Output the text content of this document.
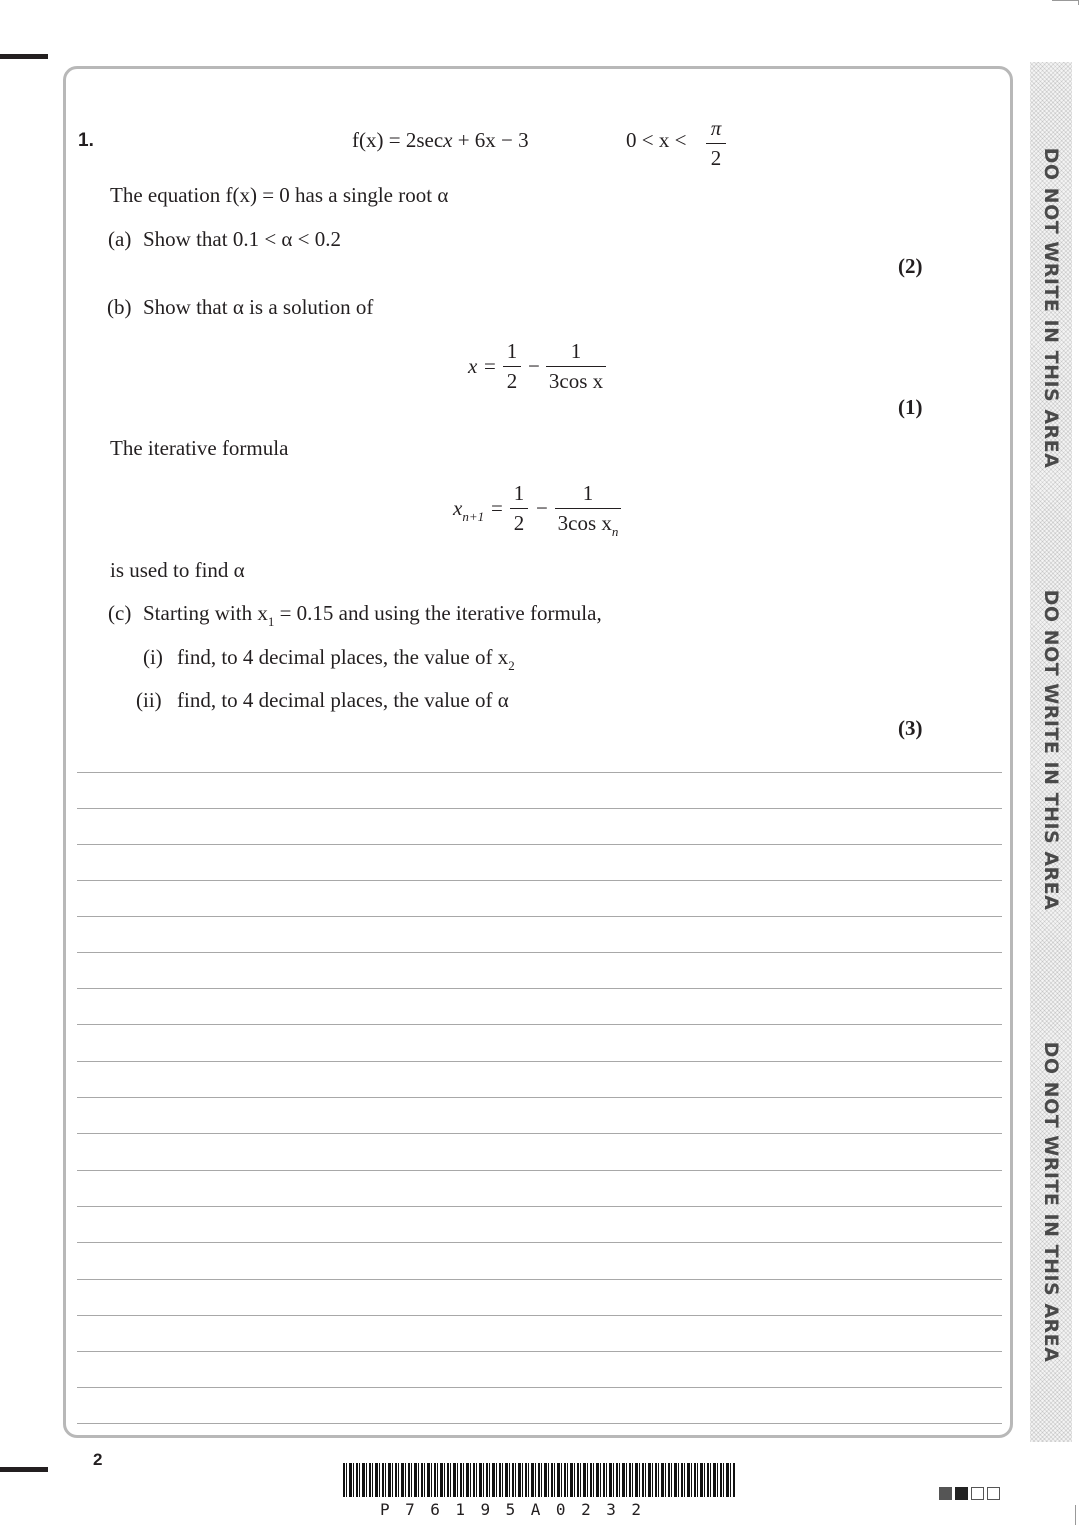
DO NOT WRITE IN THIS AREA
DO NOT WRITE IN THIS AREA
DO NOT WRITE IN THIS AREA
1.	f(x) = 2secx + 6x − 3	0 < x < π
2
The equation f(x) = 0 has a single root α
(a) Show that 0.1 < α < 0.2
(2)
(b) Show that α is a solution of
x =
1
2
−
1
3cos x
(1)
The iterative formula
$x_{n+1}$ =
1
2
−
1
3cos $x_n$
is used to find α
(c) Starting with $x_1 = 0.15$ and using the iterative formula,
(i) find, to 4 decimal places, the value of $x_2$
(ii) find, to 4 decimal places, the value of α
(3)
2
P76195A0232
